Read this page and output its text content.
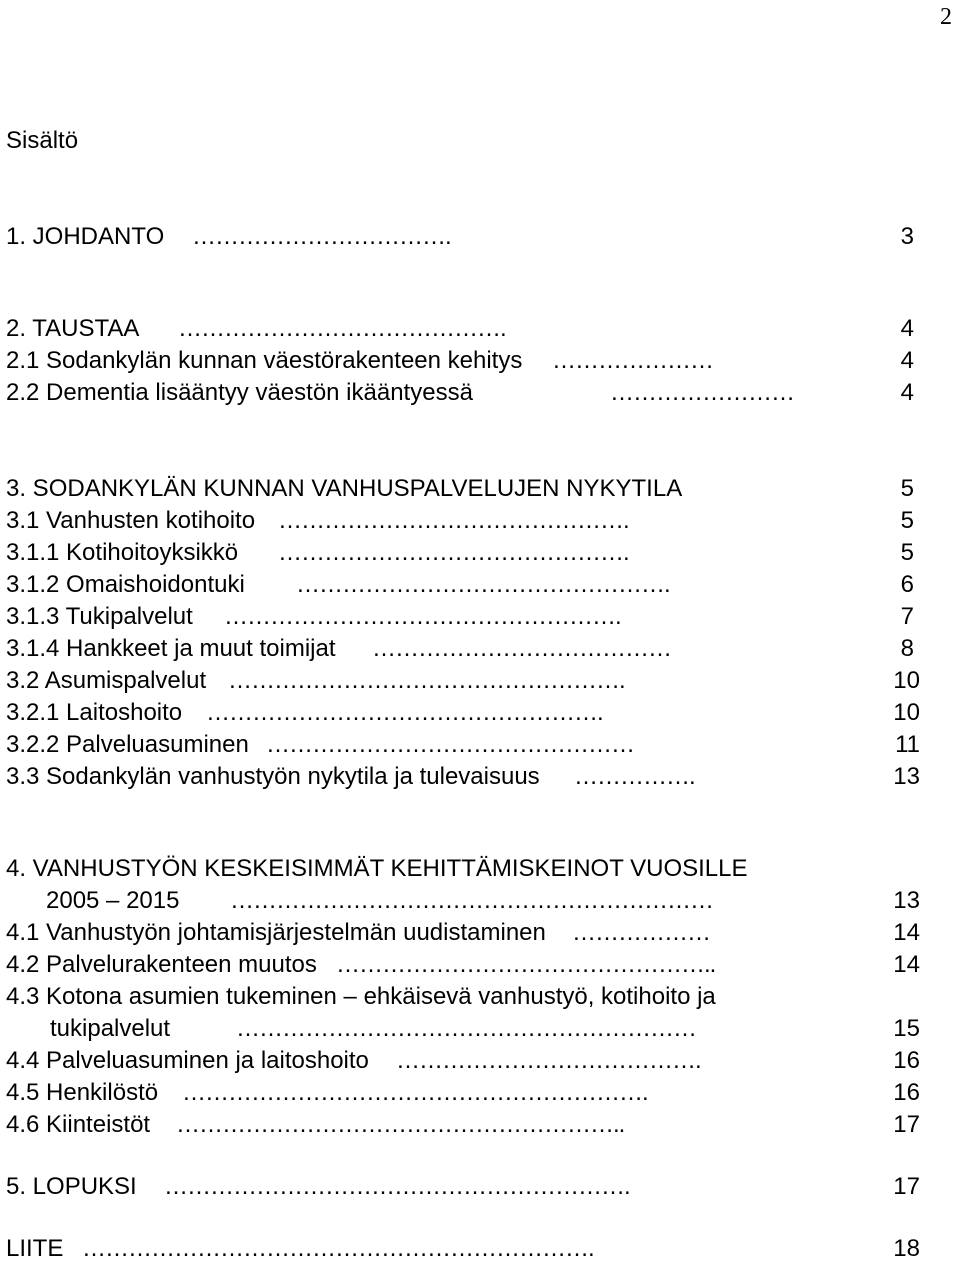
2
Sisältö
1. JOHDANTO …………………………….	3
2. TAUSTAA …………………………………….	4
2.1 Sodankylän kunnan väestörakenteen kehitys …………………	4
2.2 Dementia lisääntyy väestön ikääntyessä	……………………	4
3. SODANKYLÄN KUNNAN VANHUSPALVELUJEN NYKYTILA	5
3.1 Vanhusten kotihoito ……………………………………….	5
3.1.1 Kotihoitoyksikkö ……………………………………….	5
3.1.2 Omaishoidontuki ………………………………………….	6
3.1.3 Tukipalvelut …………………………………………….	7
3.1.4 Hankkeet ja muut toimijat …………………………………	8
3.2 Asumispalvelut …………………………………………….	10
3.2.1 Laitoshoito …………………………………………….	10
3.2.2 Palveluasuminen …………………………………………	11
3.3 Sodankylän vanhustyön nykytila ja tulevaisuus …………….	13
4. VANHUSTYÖN KESKEISIMMÄT KEHITTÄMISKEINOT VUOSILLE
2005 – 2015 ………………………………………………………	13
4.1 Vanhustyön johtamisjärjestelmän uudistaminen ………………	14
4.2 Palvelurakenteen muutos …………………………………………..	14
4.3 Kotona asumien tukeminen – ehkäisevä vanhustyö, kotihoito ja
tukipalvelut	……………………………………………………	15
4.4 Palveluasuminen ja laitoshoito ………………………………….	16
4.5 Henkilöstö …………………………………………………….	16
4.6 Kiinteistöt …………………………………………………..	17
5. LOPUKSI …………………………………………………….	17
LIITE ………………………………………………………….	18
